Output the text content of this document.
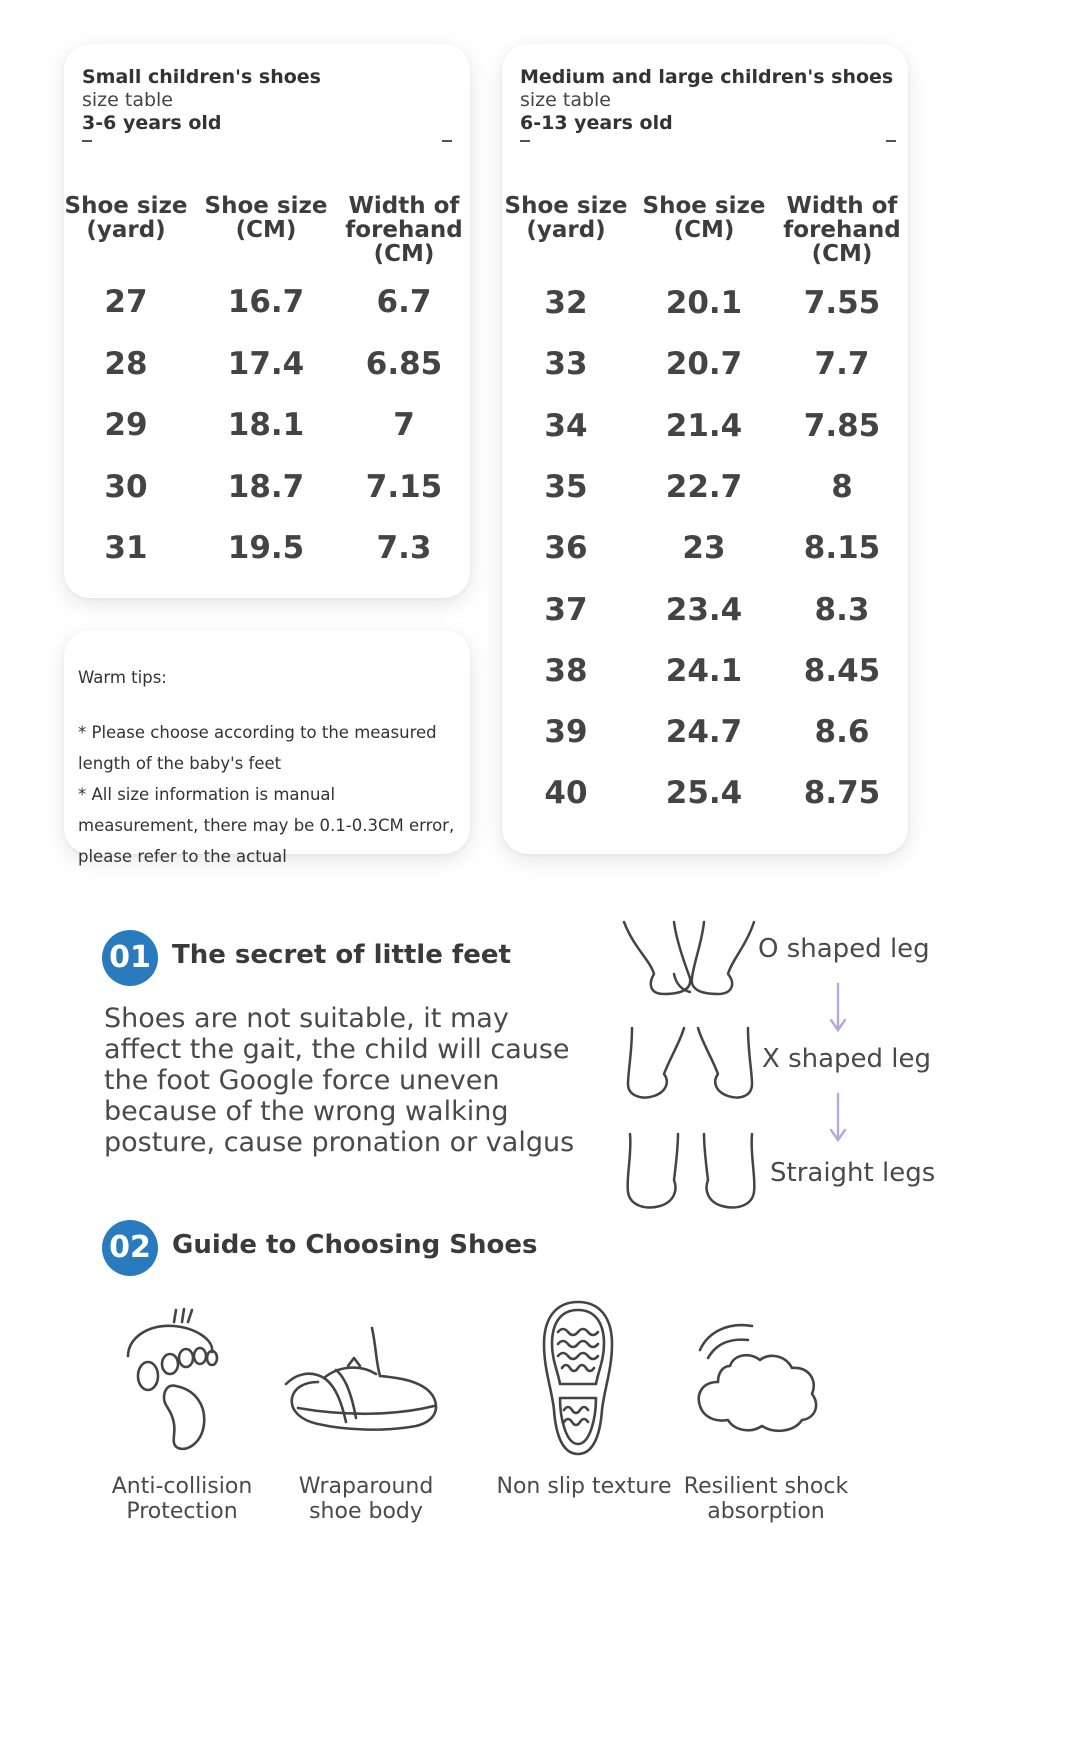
Small children's shoes
size table
3-6 years old
Shoe size
(yard)
Shoe size
(CM)
Width of
forehand
(CM)
27	16.7 6.7
28	17.4 6.85
29	18.1	7
30	18.7 7.15
31	19.5 7.3
Warm tips:
* Please choose according to the measured length of the baby's feet
* All size information is manual measurement, there may be 0.1-0.3CM error, please refer to the actual
Medium and large children's shoes
size table
6-13 years old
Shoe size
(yard)
Shoe size
(CM)
Width of
forehand
(CM)
32	20.1 7.55
33	20.7 7.7
34	21.4 7.85
35	22.7	8
36	23	8.15
37	23.4 8.3
38	24.1 8.45
39	24.7 8.6
40	25.4 8.75
01 The secret of little feet
Shoes are not suitable, it may affect the gait, the child will cause the foot Google force uneven because of the wrong walking posture, cause pronation or valgus
O shaped leg
X shaped leg
Straight legs
02 Guide to Choosing Shoes
Anti-collision
Protection
Wraparound
shoe body
Non slip texture Resilient shock
absorption
